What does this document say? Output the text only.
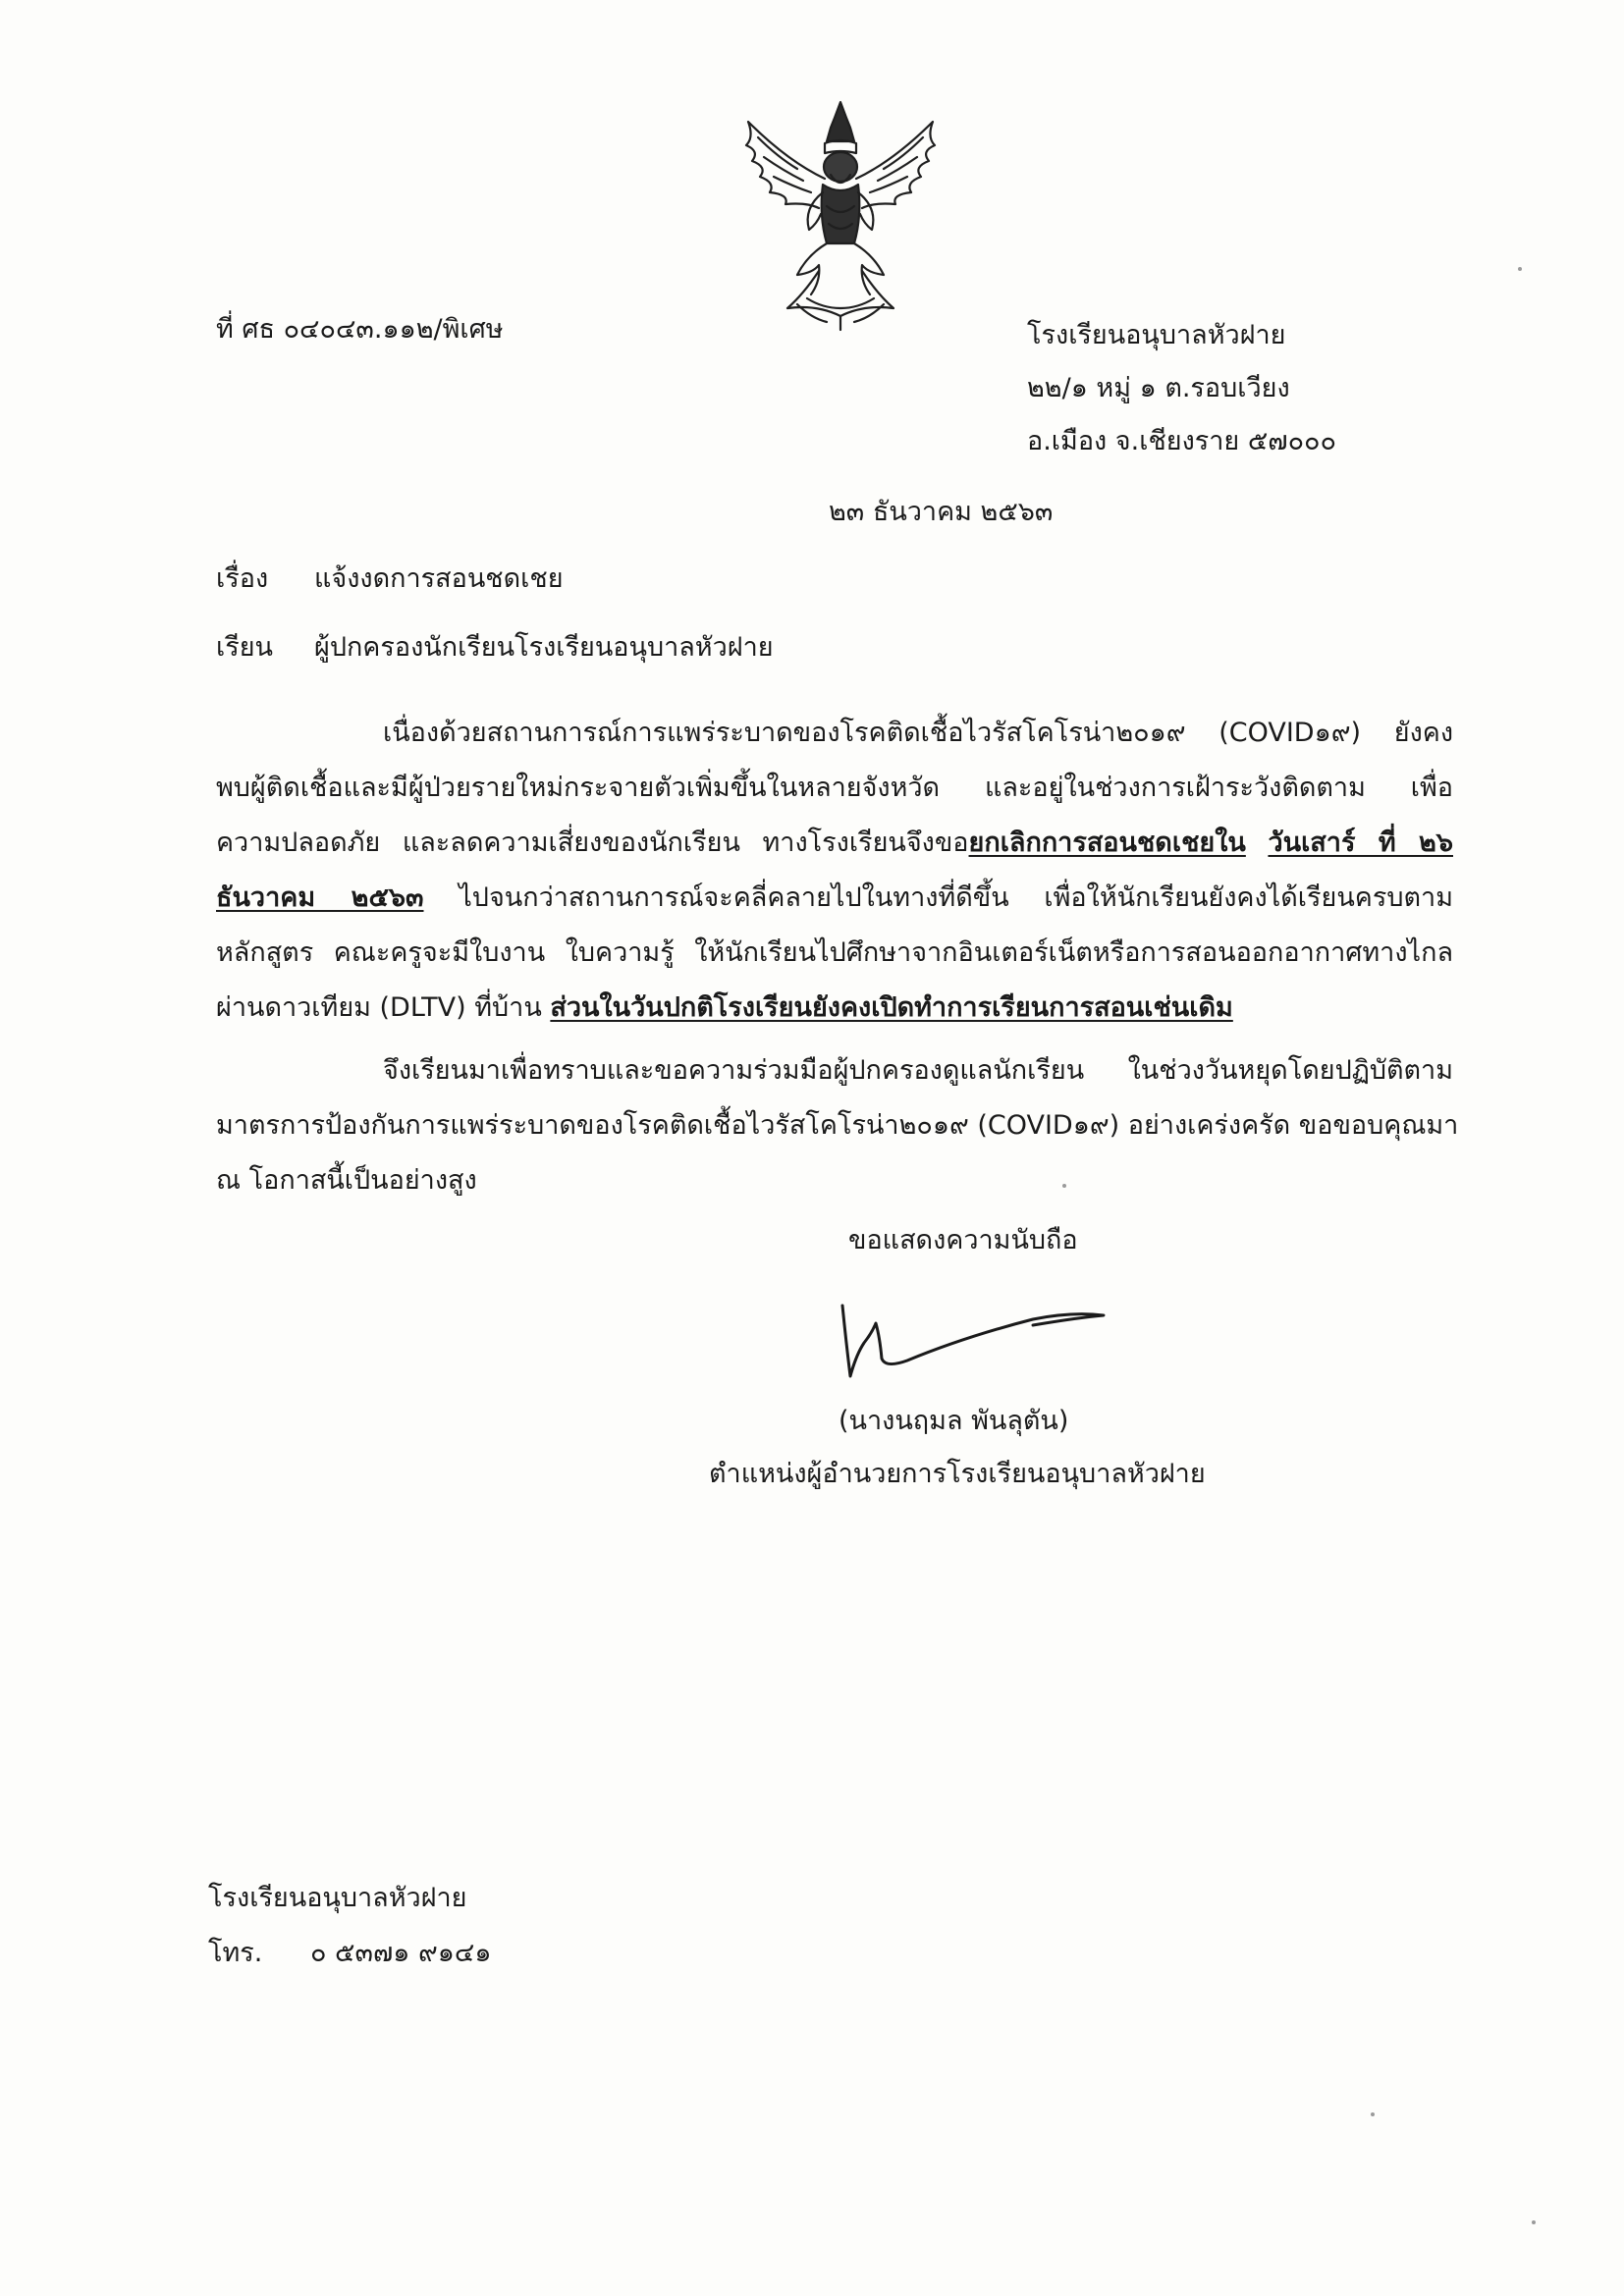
ที่ ศธ ๐๔๐๔๓.๑๑๒/พิเศษ	โรงเรียนอนุบาลหัวฝาย
๒๒/๑ หมู่ ๑ ต.รอบเวียง
อ.เมือง จ.เชียงราย ๕๗๐๐๐
๒๓ ธันวาคม ๒๕๖๓
เรื่อง แจ้งงดการสอนชดเชย
เรียน ผู้ปกครองนักเรียนโรงเรียนอนุบาลหัวฝาย
เนื่องด้วยสถานการณ์การแพร่ระบาดของโรคติดเชื้อไวรัสโคโรน่า๒๐๑๙ (COVID๑๙) ยังคง
พบผู้ติดเชื้อและมีผู้ป่วยรายใหม่กระจายตัวเพิ่มขึ้นในหลายจังหวัด และอยู่ในช่วงการเฝ้าระวังติดตาม เพื่อ
ความปลอดภัย และลดความเสี่ยงของนักเรียน ทางโรงเรียนจึงขอยกเลิกการสอนชดเชยใน วันเสาร์ ที่ ๒๖
ธันวาคม ๒๕๖๓ ไปจนกว่าสถานการณ์จะคลี่คลายไปในทางที่ดีขึ้น เพื่อให้นักเรียนยังคงได้เรียนครบตาม
หลักสูตร คณะครูจะมีใบงาน ใบความรู้ ให้นักเรียนไปศึกษาจากอินเตอร์เน็ตหรือการสอนออกอากาศทางไกล
ผ่านดาวเทียม (DLTV) ที่บ้าน ส่วนในวันปกติโรงเรียนยังคงเปิดทำการเรียนการสอนเช่นเดิม
จึงเรียนมาเพื่อทราบและขอความร่วมมือผู้ปกครองดูแลนักเรียน ในช่วงวันหยุดโดยปฏิบัติตาม
มาตรการป้องกันการแพร่ระบาดของโรคติดเชื้อไวรัสโคโรน่า๒๐๑๙ (COVID๑๙) อย่างเคร่งครัด ขอขอบคุณมา
ณ โอกาสนี้เป็นอย่างสูง
ขอแสดงความนับถือ
(นางนฤมล พันลุตัน)
ตำแหน่งผู้อำนวยการโรงเรียนอนุบาลหัวฝาย
โรงเรียนอนุบาลหัวฝาย
โทร. ๐ ๕๓๗๑ ๙๑๔๑
